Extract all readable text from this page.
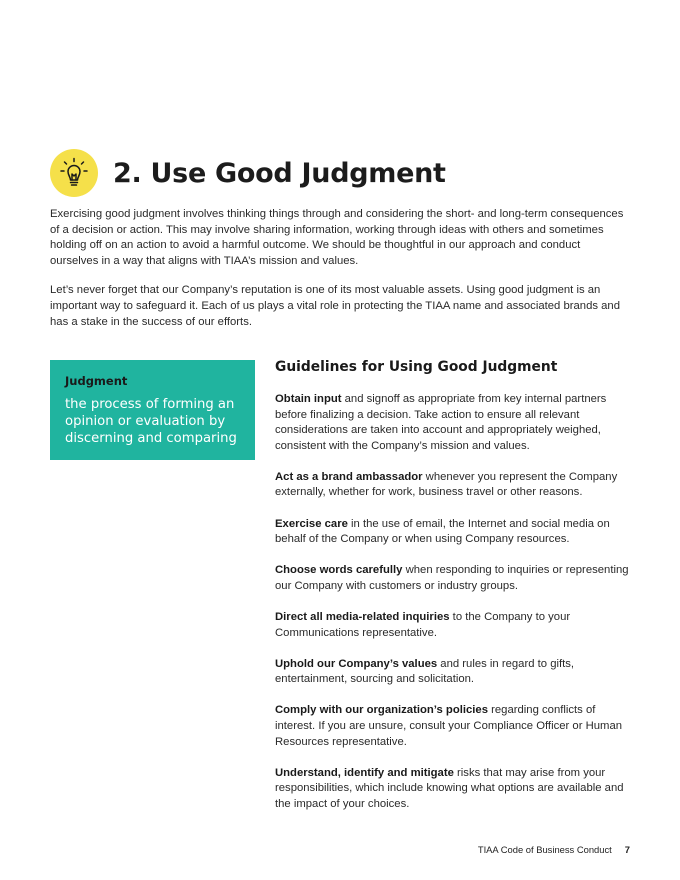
2. Use Good Judgment

Exercising good judgment involves thinking things through and considering the short- and long-term consequences of a decision or action. This may involve sharing information, working through ideas with others and sometimes holding off on an action to avoid a harmful outcome. We should be thoughtful in our approach and conduct ourselves in a way that aligns with TIAA’s mission and values.

Let’s never forget that our Company’s reputation is one of its most valuable assets. Using good judgment is an important way to safeguard it. Each of us plays a vital role in protecting the TIAA name and associated brands and has a stake in the success of our efforts.

Judgment

the process of forming an opinion or evaluation by discerning and comparing

Guidelines for Using Good Judgment
Obtain input and signoff as appropriate from key internal partners before finalizing a decision. Take action to ensure all relevant considerations are taken into account and appropriately weighed, consistent with the Company’s mission and values.
Act as a brand ambassador whenever you represent the Company externally, whether for work, business travel or other reasons.
Exercise care in the use of email, the Internet and social media on behalf of the Company or when using Company resources.
Choose words carefully when responding to inquiries or representing our Company with customers or industry groups.
Direct all media-related inquiries to the Company to your Communications representative.
Uphold our Company’s values and rules in regard to gifts, entertainment, sourcing and solicitation.
Comply with our organization’s policies regarding conflicts of interest. If you are unsure, consult your Compliance Officer or Human Resources representative.
Understand, identify and mitigate risks that may arise from your responsibilities, which include knowing what options are available and the impact of your choices.
TIAA Code of Business Conduct 7
